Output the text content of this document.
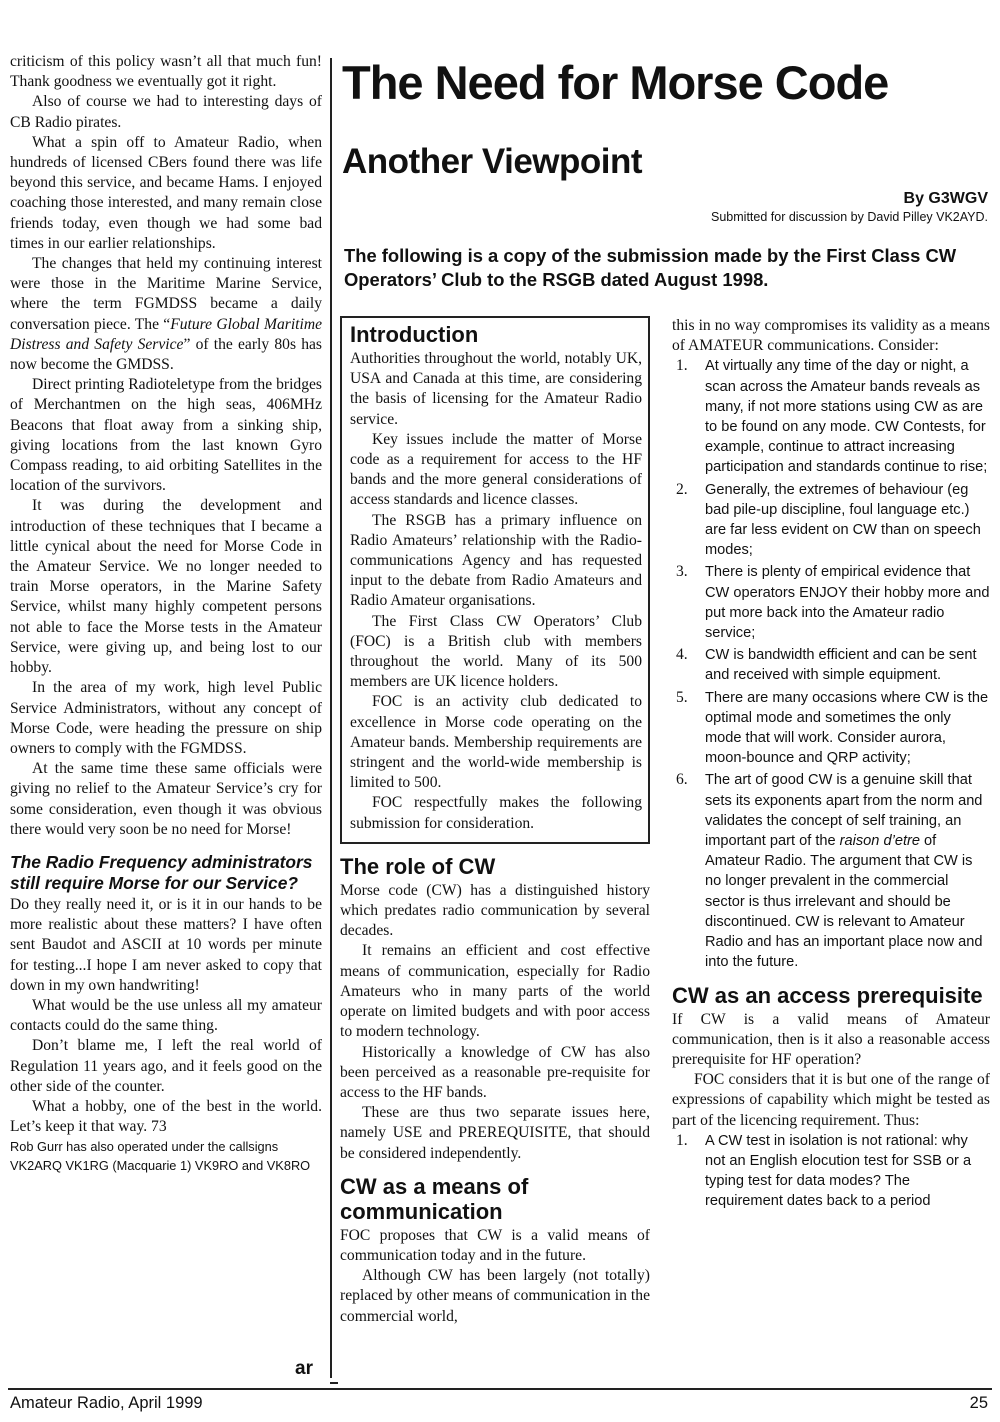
criticism of this policy wasn’t all that much fun! Thank goodness we eventually got it right.

Also of course we had to interesting days of CB Radio pirates.

What a spin off to Amateur Radio, when hundreds of licensed CBers found there was life beyond this service, and became Hams. I enjoyed coaching those interested, and many remain close friends today, even though we had some bad times in our earlier relationships.

The changes that held my continuing interest were those in the Maritime Marine Service, where the term FGMDSS became a daily conversation piece. The “Future Global Maritime Distress and Safety Service” of the early 80s has now become the GMDSS.

Direct printing Radioteletype from the bridges of Merchantmen on the high seas, 406MHz Beacons that float away from a sinking ship, giving locations from the last known Gyro Compass reading, to aid orbiting Satellites in the location of the survivors.

It was during the development and introduction of these techniques that I became a little cynical about the need for Morse Code in the Amateur Service. We no longer needed to train Morse operators, in the Marine Safety Service, whilst many highly competent persons not able to face the Morse tests in the Amateur Service, were giving up, and being lost to our hobby.

In the area of my work, high level Public Service Administrators, without any concept of Morse Code, were heading the pressure on ship owners to comply with the FGMDSS.

At the same time these same officials were giving no relief to the Amateur Service’s cry for some consideration, even though it was obvious there would very soon be no need for Morse!

The Radio Frequency administrators still require Morse for our Service?

Do they really need it, or is it in our hands to be more realistic about these matters? I have often sent Baudot and ASCII at 10 words per minute for testing...I hope I am never asked to copy that down in my own handwriting!

What would be the use unless all my amateur contacts could do the same thing.

Don’t blame me, I left the real world of Regulation 11 years ago, and it feels good on the other side of the counter.

What a hobby, one of the best in the world. Let’s keep it that way. 73

Rob Gurr has also operated under the callsigns VK2ARQ VK1RG (Macquarie 1) VK9RO and VK8RO
ar
The Need for Morse Code
Another Viewpoint
By G3WGV
Submitted for discussion by David Pilley VK2AYD.
The following is a copy of the submission made by the First Class CW Operators’ Club to the RSGB dated August 1998.
Introduction

Authorities throughout the world, notably UK, USA and Canada at this time, are considering the basis of licensing for the Amateur Radio service.

Key issues include the matter of Morse code as a requirement for access to the HF bands and the more general considerations of access standards and licence classes.

The RSGB has a primary influence on Radio Amateurs’ relationship with the Radio-communications Agency and has requested input to the debate from Radio Amateurs and Radio Amateur organisations.

The First Class CW Operators’ Club (FOC) is a British club with members throughout the world. Many of its 500 members are UK licence holders.

FOC is an activity club dedicated to excellence in Morse code operating on the Amateur bands. Membership requirements are stringent and the world-wide membership is limited to 500.

FOC respectfully makes the following submission for consideration.

The role of CW

Morse code (CW) has a distinguished history which predates radio communication by several decades.

It remains an efficient and cost effective means of communication, especially for Radio Amateurs who in many parts of the world operate on limited budgets and with poor access to modern technology.

Historically a knowledge of CW has also been perceived as a reasonable pre-requisite for access to the HF bands.

These are thus two separate issues here, namely USE and PREREQUISITE, that should be considered independently.

CW as a means of communication

FOC proposes that CW is a valid means of communication today and in the future.

Although CW has been largely (not totally) replaced by other means of communication in the commercial world,

this in no way compromises its validity as a means of AMATEUR communications. Consider:

1. At virtually any time of the day or night, a scan across the Amateur bands reveals as many, if not more stations using CW as are to be found on any mode. CW Contests, for example, continue to attract increasing participation and standards continue to rise;
2. Generally, the extremes of behaviour (eg bad pile-up discipline, foul language etc.) are far less evident on CW than on speech modes;
3. There is plenty of empirical evidence that CW operators ENJOY their hobby more and put more back into the Amateur radio service;
4. CW is bandwidth efficient and can be sent and received with simple equipment.
5. There are many occasions where CW is the optimal mode and sometimes the only mode that will work. Consider aurora, moon-bounce and QRP activity;
6. The art of good CW is a genuine skill that sets its exponents apart from the norm and validates the concept of self training, an important part of the raison d’etre of Amateur Radio. The argument that CW is no longer prevalent in the commercial sector is thus irrelevant and should be discontinued. CW is relevant to Amateur Radio and has an important place now and into the future.
CW as an access prerequisite

If CW is a valid means of Amateur communication, then is it also a reasonable access prerequisite for HF operation?

FOC considers that it is but one of the range of expressions of capability which might be tested as part of the licencing requirement. Thus:

1. A CW test in isolation is not rational: why not an English elocution test for SSB or a typing test for data modes? The requirement dates back to a period
Amateur Radio, April 1999	25
